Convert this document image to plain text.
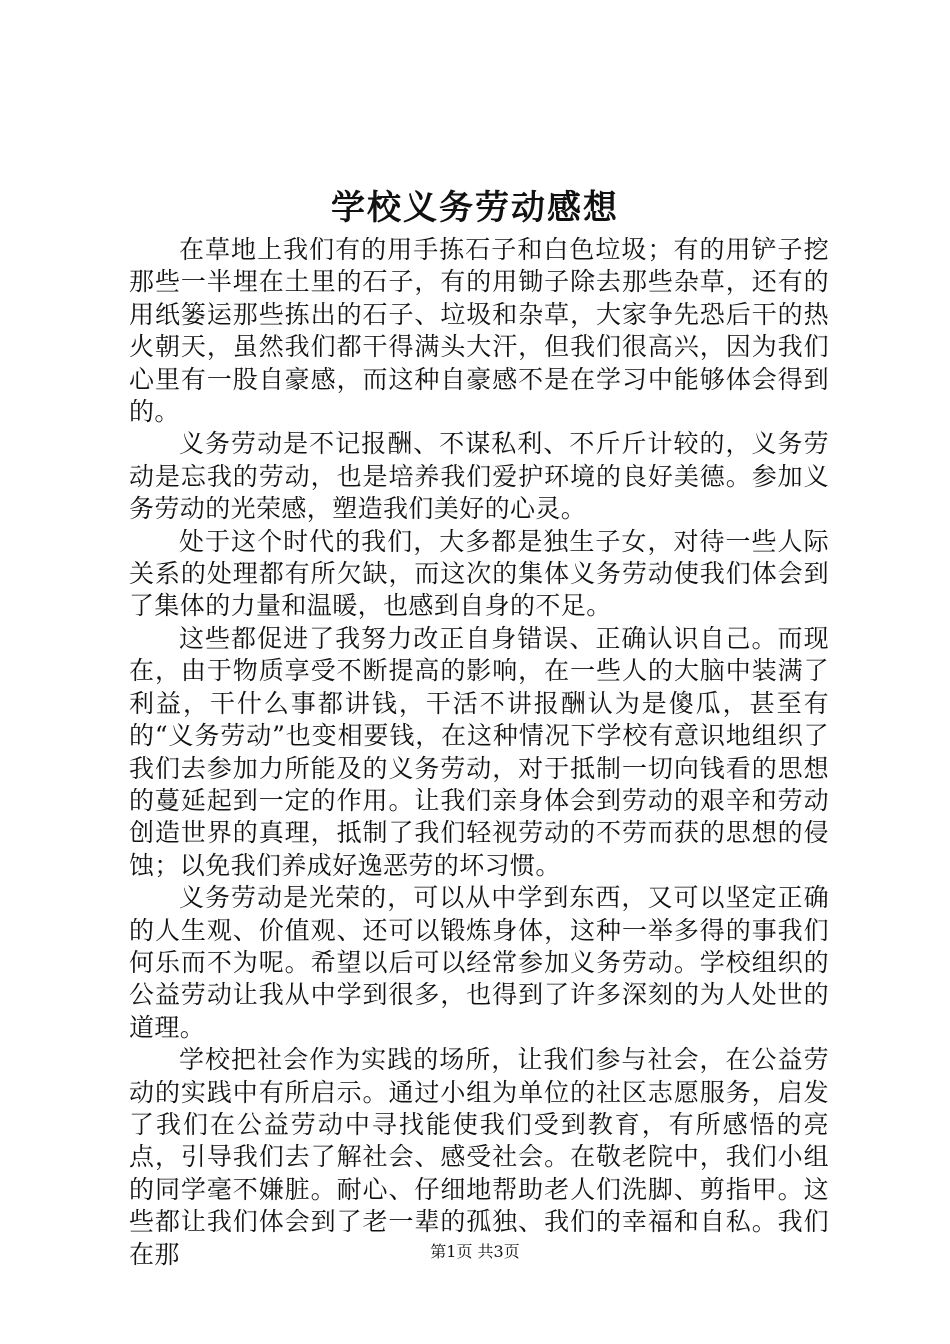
学校义务劳动感想

在草地上我们有的用手拣石子和白色垃圾；有的用铲子挖那些一半埋在土里的石子，有的用锄子除去那些杂草，还有的用纸篓运那些拣出的石子、垃圾和杂草，大家争先恐后干的热火朝天，虽然我们都干得满头大汗，但我们很高兴，因为我们心里有一股自豪感，而这种自豪感不是在学习中能够体会得到的。

义务劳动是不记报酬、不谋私利、不斤斤计较的，义务劳动是忘我的劳动，也是培养我们爱护环境的良好美德。参加义务劳动的光荣感，塑造我们美好的心灵。

处于这个时代的我们，大多都是独生子女，对待一些人际关系的处理都有所欠缺，而这次的集体义务劳动使我们体会到了集体的力量和温暖，也感到自身的不足。

这些都促进了我努力改正自身错误、正确认识自己。而现在，由于物质享受不断提高的影响，在一些人的大脑中装满了利益，干什么事都讲钱，干活不讲报酬认为是傻瓜，甚至有的“义务劳动”也变相要钱，在这种情况下学校有意识地组织了我们去参加力所能及的义务劳动，对于抵制一切向钱看的思想的蔓延起到一定的作用。让我们亲身体会到劳动的艰辛和劳动创造世界的真理，抵制了我们轻视劳动的不劳而获的思想的侵蚀；以免我们养成好逸恶劳的坏习惯。

义务劳动是光荣的，可以从中学到东西，又可以坚定正确的人生观、价值观、还可以锻炼身体，这种一举多得的事我们何乐而不为呢。希望以后可以经常参加义务劳动。学校组织的公益劳动让我从中学到很多，也得到了许多深刻的为人处世的道理。

学校把社会作为实践的场所，让我们参与社会，在公益劳动的实践中有所启示。通过小组为单位的社区志愿服务，启发了我们在公益劳动中寻找能使我们受到教育，有所感悟的亮点，引导我们去了解社会、感受社会。在敬老院中，我们小组的同学毫不嫌脏。耐心、仔细地帮助老人们洗脚、剪指甲。这些都让我们体会到了老一辈的孤独、我们的幸福和自私。我们在那	第1页 共3页
